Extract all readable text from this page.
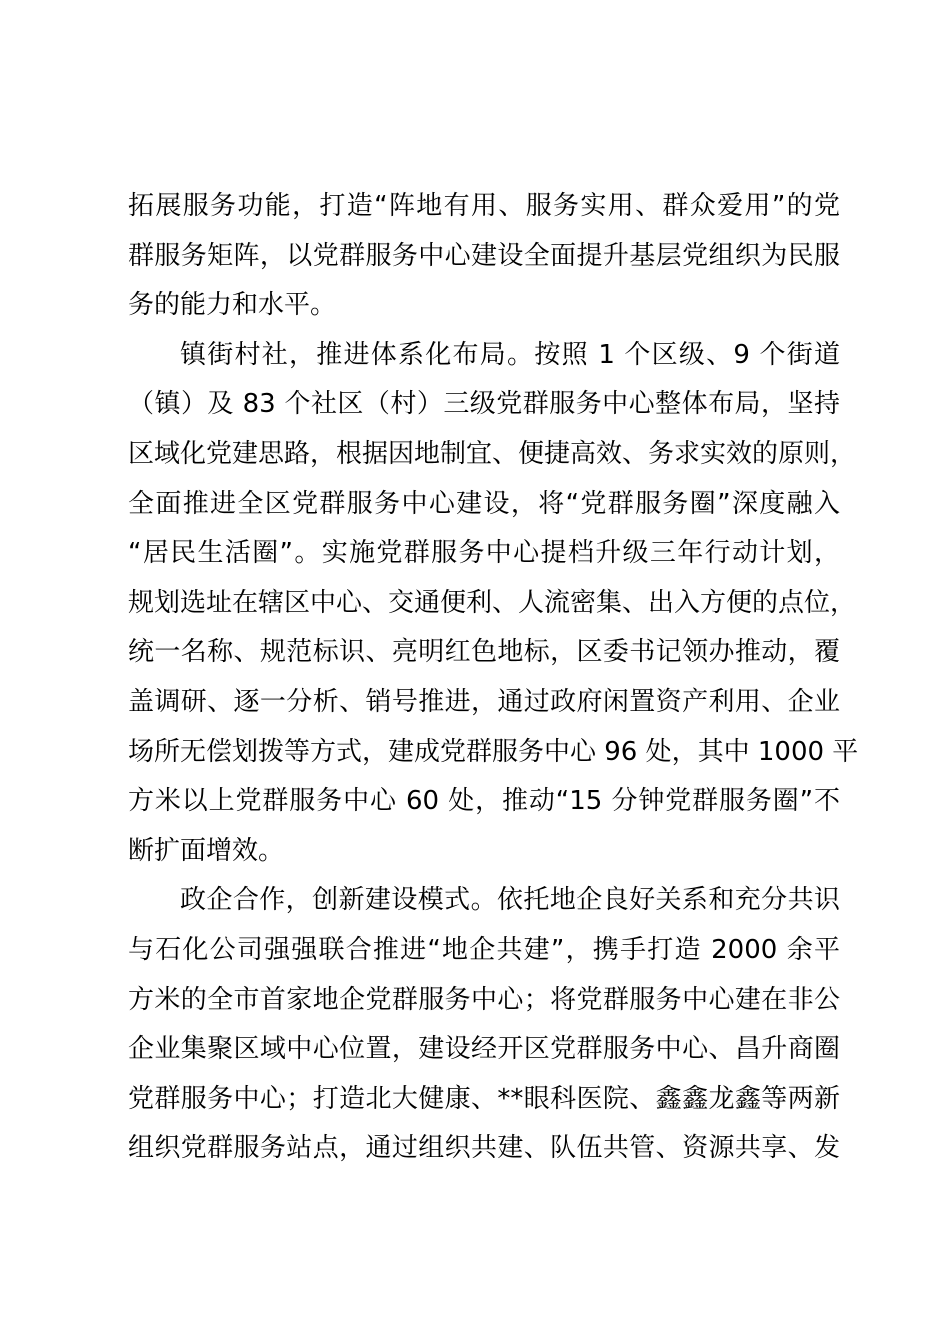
拓展服务功能，打造“阵地有用、服务实用、群众爱用”的党
群服务矩阵，以党群服务中心建设全面提升基层党组织为民服
务的能力和水平。
镇街村社，推进体系化布局。按照 1 个区级、9 个街道
（镇）及 83 个社区（村）三级党群服务中心整体布局，坚持
区域化党建思路，根据因地制宜、便捷高效、务求实效的原则，
全面推进全区党群服务中心建设，将“党群服务圈”深度融入
“居民生活圈”。实施党群服务中心提档升级三年行动计划，
规划选址在辖区中心、交通便利、人流密集、出入方便的点位，
统一名称、规范标识、亮明红色地标，区委书记领办推动，覆
盖调研、逐一分析、销号推进，通过政府闲置资产利用、企业
场所无偿划拨等方式，建成党群服务中心 96 处，其中 1000 平
方米以上党群服务中心 60 处，推动“15 分钟党群服务圈”不
断扩面增效。
政企合作，创新建设模式。依托地企良好关系和充分共识
与石化公司强强联合推进“地企共建”，携手打造 2000 余平
方米的全市首家地企党群服务中心；将党群服务中心建在非公
企业集聚区域中心位置，建设经开区党群服务中心、昌升商圈
党群服务中心；打造北大健康、**眼科医院、鑫鑫龙鑫等两新
组织党群服务站点，通过组织共建、队伍共管、资源共享、发
